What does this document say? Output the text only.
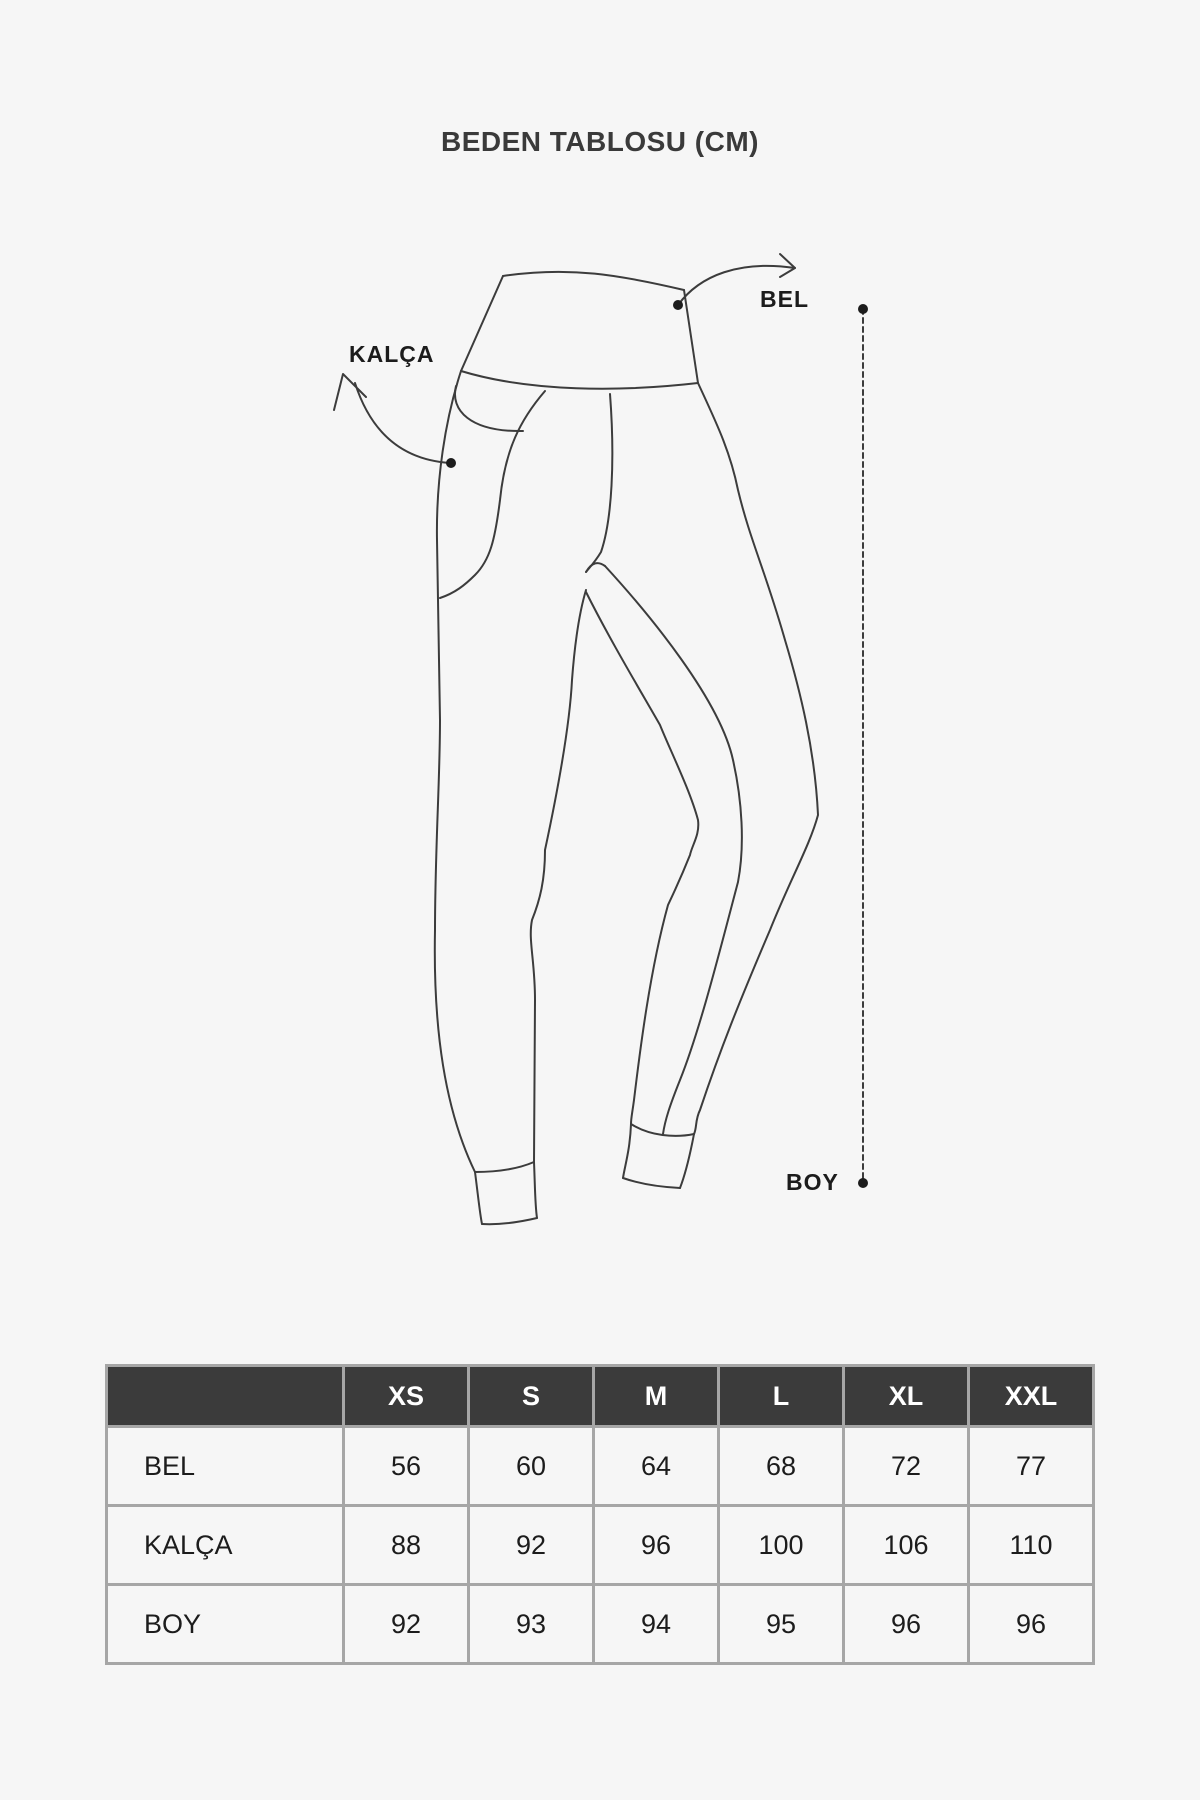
BEDEN TABLOSU (CM)
KALÇA
BEL
BOY
	XS	S	M	L	XL	XXL
BEL	56	60	64	68	72	77
KALÇA	88	92	96	100	106	110
BOY	92	93	94	95	96	96
